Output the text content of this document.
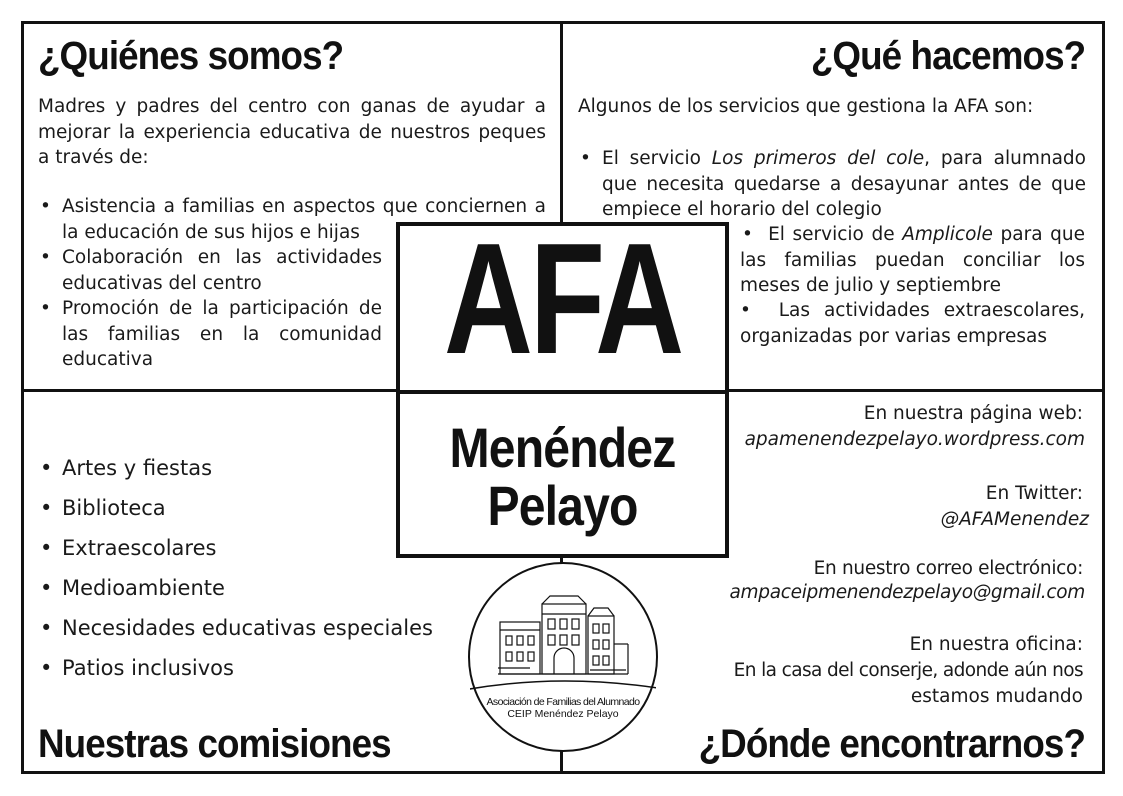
¿Quiénes somos?
Madres y padres del centro con ganas de ayudar a mejorar la experiencia educativa de nuestros peques a través de:
• Asistencia a familias en aspectos que conciernen a la educación de sus hijos e hijas
• Colaboración en las actividades educativas del centro
• Promoción de la participación de las familias en la comunidad educativa
¿Qué hacemos?
Algunos de los servicios que gestiona la AFA son:
• El servicio Los primeros del cole, para alumnado que necesita quedarse a desayunar antes de que empiece el horario del colegio
•  El servicio de Amplicole para que las familias puedan conciliar los meses de julio y septiembre
•  Las actividades extraescolares, organizadas por varias empresas
• Artes y fiestas
• Biblioteca
• Extraescolares
• Medioambiente
• Necesidades educativas especiales
• Patios inclusivos
Nuestras comisiones
En nuestra página web:
apamenendezpelayo.wordpress.com
En Twitter:
@AFAMenendez
En nuestro correo electrónico:
ampaceipmenendezpelayo@gmail.com
En nuestra oficina:
En la casa del conserje, adonde aún nos
estamos mudando
¿Dónde encontrarnos?
AFA
Menéndez
Pelayo
Asociación de Familias del Alumnado
CEIP Menéndez Pelayo
